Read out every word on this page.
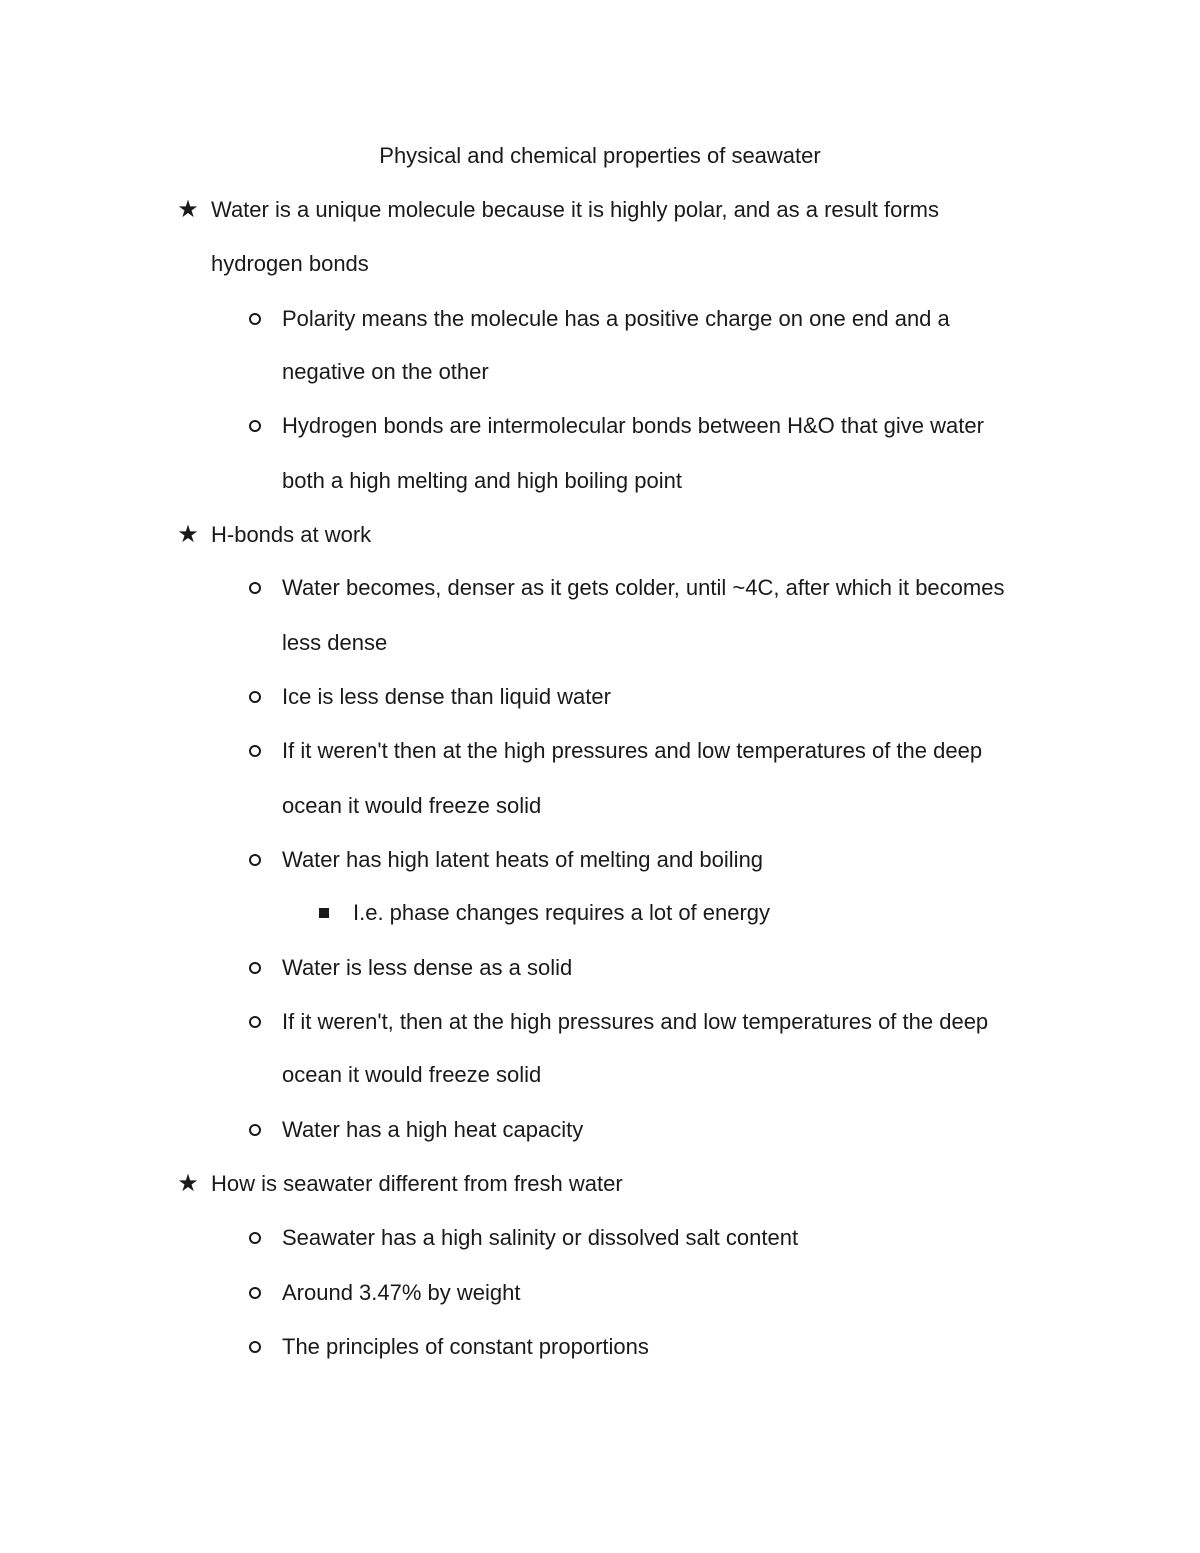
Physical and chemical properties of seawater
★ Water is a unique molecule because it is highly polar, and as a result forms
hydrogen bonds
Polarity means the molecule has a positive charge on one end and a
negative on the other
Hydrogen bonds are intermolecular bonds between H&O that give water
both a high melting and high boiling point
★ H-bonds at work
Water becomes, denser as it gets colder, until ~4C, after which it becomes
less dense
Ice is less dense than liquid water
If it weren't then at the high pressures and low temperatures of the deep
ocean it would freeze solid
Water has high latent heats of melting and boiling
I.e. phase changes requires a lot of energy
Water is less dense as a solid
If it weren't, then at the high pressures and low temperatures of the deep
ocean it would freeze solid
Water has a high heat capacity
★ How is seawater different from fresh water
Seawater has a high salinity or dissolved salt content
Around 3.47% by weight
The principles of constant proportions
